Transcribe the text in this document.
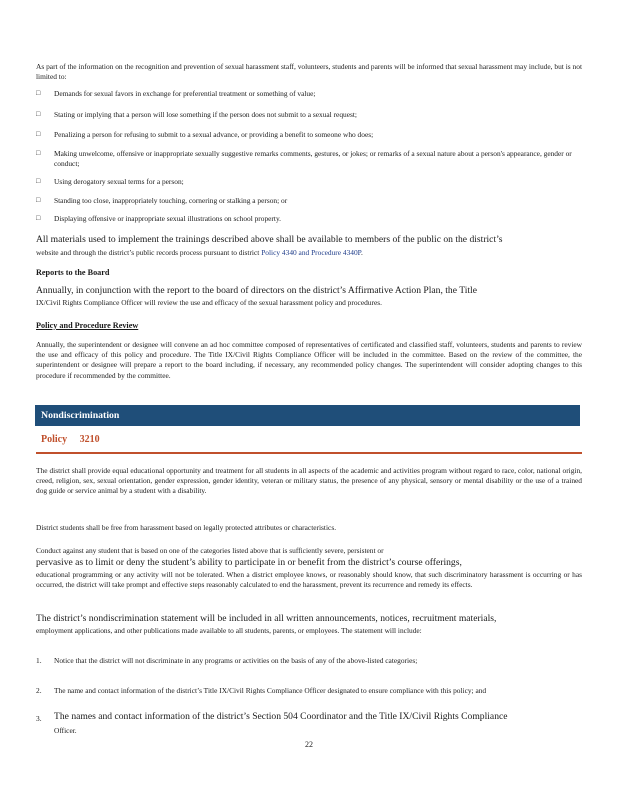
As part of the information on the recognition and prevention of sexual harassment staff, volunteers, students and parents will be informed that sexual harassment may include, but is not limited to:
□ Demands for sexual favors in exchange for preferential treatment or something of value;
□ Stating or implying that a person will lose something if the person does not submit to a sexual request;
□ Penalizing a person for refusing to submit to a sexual advance, or providing a benefit to someone who does;
□ Making unwelcome, offensive or inappropriate sexually suggestive remarks comments, gestures, or jokes; or remarks of a sexual nature about a person's appearance, gender or conduct;
□ Using derogatory sexual terms for a person;
□ Standing too close, inappropriately touching, cornering or stalking a person; or
□ Displaying offensive or inappropriate sexual illustrations on school property.
All materials used to implement the trainings described above shall be available to members of the public on the district’s
website and through the district’s public records process pursuant to district Policy 4340 and Procedure 4340P.
Reports to the Board
Annually, in conjunction with the report to the board of directors on the district’s Affirmative Action Plan, the Title
IX/Civil Rights Compliance Officer will review the use and efficacy of the sexual harassment policy and procedures.
Policy and Procedure Review
Annually, the superintendent or designee will convene an ad hoc committee composed of representatives of certificated and classified staff, volunteers, students and parents to review the use and efficacy of this policy and procedure. The Title IX/Civil Rights Compliance Officer will be included in the committee. Based on the review of the committee, the superintendent or designee will prepare a report to the board including, if necessary, any recommended policy changes. The superintendent will consider adopting changes to this procedure if recommended by the committee.
Nondiscrimination
Policy 3210
The district shall provide equal educational opportunity and treatment for all students in all aspects of the academic and activities program without regard to race, color, national origin, creed, religion, sex, sexual orientation, gender expression, gender identity, veteran or military status, the presence of any physical, sensory or mental disability or the use of a trained dog guide or service animal by a student with a disability.
District students shall be free from harassment based on legally protected attributes or characteristics.
Conduct against any student that is based on one of the categories listed above that is sufficiently severe, persistent or
pervasive as to limit or deny the student’s ability to participate in or benefit from the district’s course offerings,
educational programming or any activity will not be tolerated. When a district employee knows, or reasonably should know, that such discriminatory harassment is occurring or has occurred, the district will take prompt and effective steps reasonably calculated to end the harassment, prevent its recurrence and remedy its effects.
The district’s nondiscrimination statement will be included in all written announcements, notices, recruitment materials,
employment applications, and other publications made available to all students, parents, or employees. The statement will include:
1. Notice that the district will not discriminate in any programs or activities on the basis of any of the above-listed categories;
2. The name and contact information of the district’s Title IX/Civil Rights Compliance Officer designated to ensure compliance with this policy; and
3. The names and contact information of the district’s Section 504 Coordinator and the Title IX/Civil Rights Compliance
Officer.
22
